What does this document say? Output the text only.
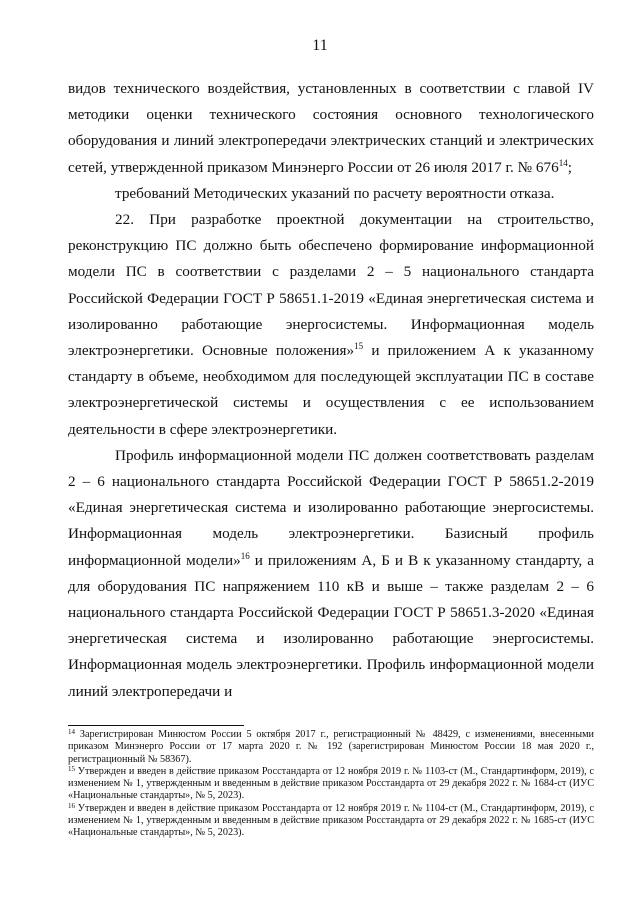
11

видов технического воздействия, установленных в соответствии с главой IV методики оценки технического состояния основного технологического оборудования и линий электропередачи электрических станций и электрических сетей, утвержденной приказом Минэнерго России от 26 июля 2017 г. № $676^{14}$;

требований Методических указаний по расчету вероятности отказа.

22. При разработке проектной документации на строительство, реконструкцию ПС должно быть обеспечено формирование информационной модели ПС в соответствии с разделами 2 – 5 национального стандарта Российской Федерации ГОСТ Р 58651.1-2019 «Единая энергетическая система и изолированно работающие энергосистемы. Информационная модель электроэнергетики. Основные положения»$^{15}$ и приложением А к указанному стандарту в объеме, необходимом для последующей эксплуатации ПС в составе электроэнергетической системы и осуществления с ее использованием деятельности в сфере электроэнергетики.

Профиль информационной модели ПС должен соответствовать разделам 2 – 6 национального стандарта Российской Федерации ГОСТ Р 58651.2-2019 «Единая энергетическая система и изолированно работающие энергосистемы. Информационная модель электроэнергетики. Базисный профиль информационной модели»$^{16}$ и приложениям А, Б и В к указанному стандарту, а для оборудования ПС напряжением 110 кВ и выше – также разделам 2 – 6 национального стандарта Российской Федерации ГОСТ Р 58651.3-2020 «Единая энергетическая система и изолированно работающие энергосистемы. Информационная модель электроэнергетики. Профиль информационной модели линий электропередачи и

$^{14}$ Зарегистрирован Минюстом России 5 октября 2017 г., регистрационный № 48429, с изменениями, внесенными приказом Минэнерго России от 17 марта 2020 г. № 192 (зарегистрирован Минюстом России 18 мая 2020 г., регистрационный № 58367).

$^{15}$ Утвержден и введен в действие приказом Росстандарта от 12 ноября 2019 г. № 1103-ст (М., Стандартинформ, 2019), с изменением № 1, утвержденным и введенным в действие приказом Росстандарта от 29 декабря 2022 г. № 1684-ст (ИУС «Национальные стандарты», № 5, 2023).

$^{16}$ Утвержден и введен в действие приказом Росстандарта от 12 ноября 2019 г. № 1104-ст (М., Стандартинформ, 2019), с изменением № 1, утвержденным и введенным в действие приказом Росстандарта от 29 декабря 2022 г. № 1685-ст (ИУС «Национальные стандарты», № 5, 2023).
